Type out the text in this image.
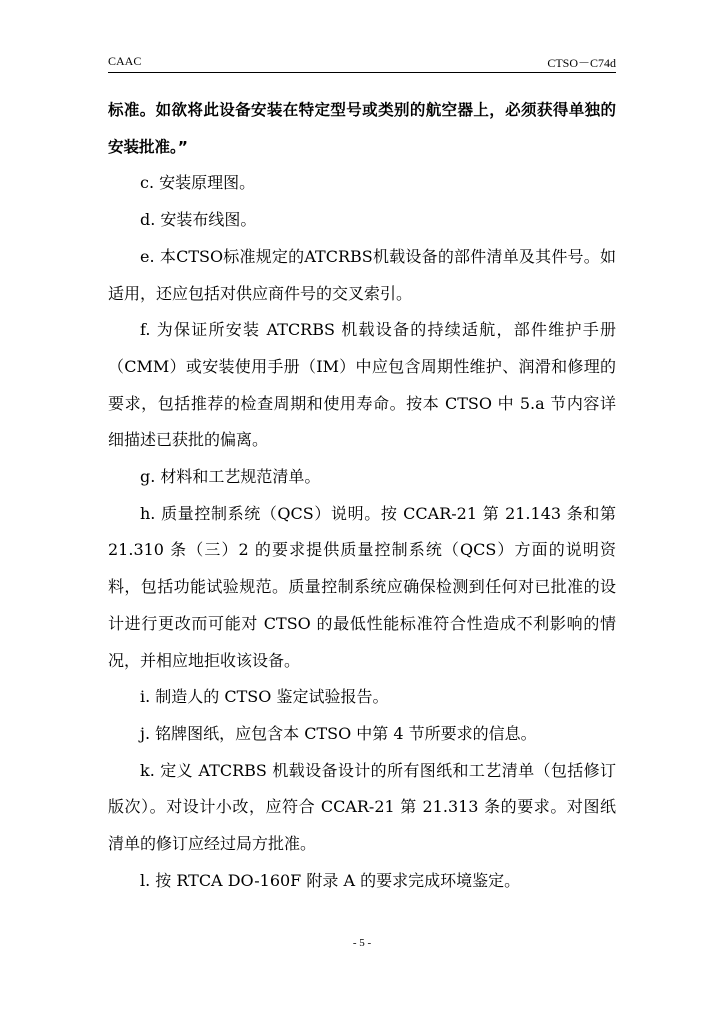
CAAC	CTSO－C74d

标准。如欲将此设备安装在特定型号或类别的航空器上，必须获得单独的安装批准。”

c. 安装原理图。

d. 安装布线图。

e. 本CTSO标准规定的ATCRBS机载设备的部件清单及其件号。如适用，还应包括对供应商件号的交叉索引。

f. 为保证所安装 ATCRBS 机载设备的持续适航，部件维护手册（CMM）或安装使用手册（IM）中应包含周期性维护、润滑和修理的要求，包括推荐的检查周期和使用寿命。按本 CTSO 中 5.a 节内容详细描述已获批的偏离。

g. 材料和工艺规范清单。

h. 质量控制系统（QCS）说明。按 CCAR-21 第 21.143 条和第 21.310 条（三）2 的要求提供质量控制系统（QCS）方面的说明资料，包括功能试验规范。质量控制系统应确保检测到任何对已批准的设计进行更改而可能对 CTSO 的最低性能标准符合性造成不利影响的情况，并相应地拒收该设备。

i. 制造人的 CTSO 鉴定试验报告。

j. 铭牌图纸，应包含本 CTSO 中第 4 节所要求的信息。

k. 定义 ATCRBS 机载设备设计的所有图纸和工艺清单（包括修订版次）。对设计小改，应符合 CCAR-21 第 21.313 条的要求。对图纸清单的修订应经过局方批准。

l. 按 RTCA DO-160F 附录 A 的要求完成环境鉴定。

- 5 -
